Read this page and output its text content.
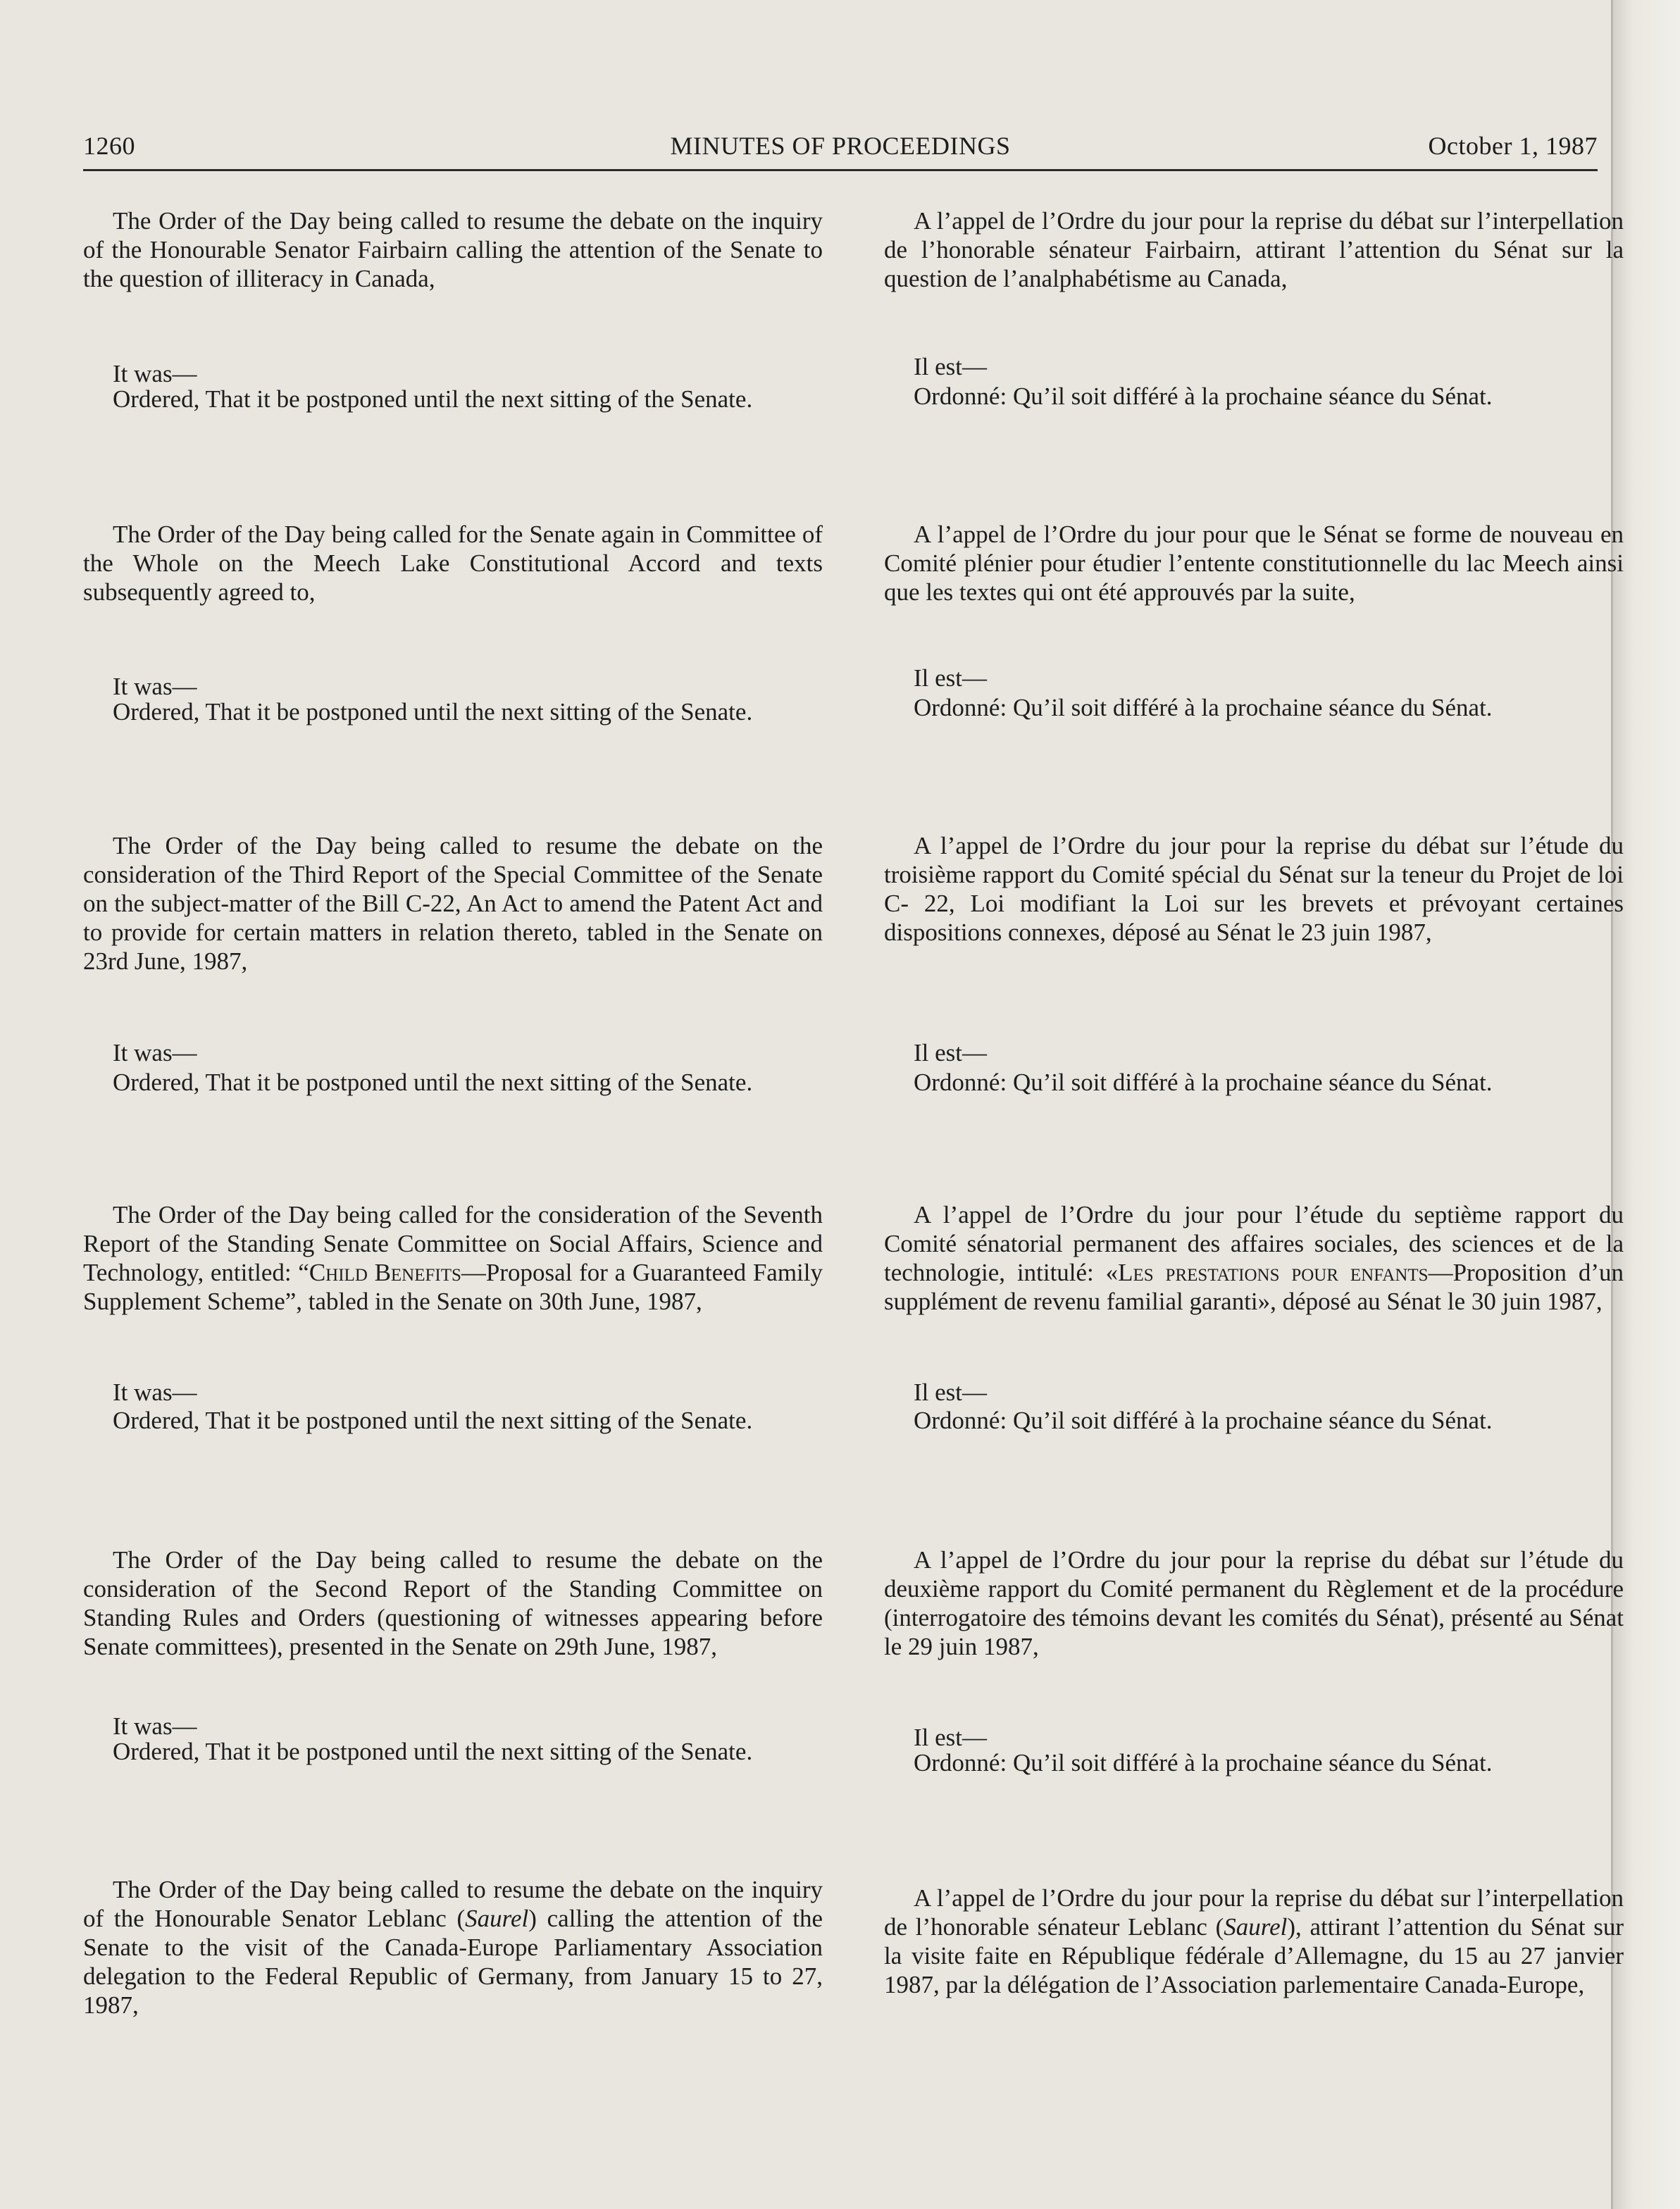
1260	MINUTES OF PROCEEDINGS	October 1, 1987

The Order of the Day being called to resume the debate on the inquiry of the Honourable Senator Fairbairn calling the attention of the Senate to the question of illiteracy in Canada,

It was—

Ordered, That it be postponed until the next sitting of the Senate.

The Order of the Day being called for the Senate again in Committee of the Whole on the Meech Lake Constitutional Accord and texts subsequently agreed to,

It was—

Ordered, That it be postponed until the next sitting of the Senate.

The Order of the Day being called to resume the debate on the consideration of the Third Report of the Special Committee of the Senate on the subject-matter of the Bill C-22, An Act to amend the Patent Act and to provide for certain matters in relation thereto, tabled in the Senate on 23rd June, 1987,

It was—

Ordered, That it be postponed until the next sitting of the Senate.

The Order of the Day being called for the consideration of the Seventh Report of the Standing Senate Committee on Social Affairs, Science and Technology, entitled: “Child Benefits—Proposal for a Guaranteed Family Supplement Scheme”, tabled in the Senate on 30th June, 1987,

It was—

Ordered, That it be postponed until the next sitting of the Senate.

The Order of the Day being called to resume the debate on the consideration of the Second Report of the Standing Committee on Standing Rules and Orders (questioning of witnesses appearing before Senate committees), presented in the Senate on 29th June, 1987,

It was—

Ordered, That it be postponed until the next sitting of the Senate.

The Order of the Day being called to resume the debate on the inquiry of the Honourable Senator Leblanc (Saurel) calling the attention of the Senate to the visit of the Canada-Europe Parliamentary Association delegation to the Federal Republic of Germany, from January 15 to 27, 1987,

A l’appel de l’Ordre du jour pour la reprise du débat sur l’interpellation de l’honorable sénateur Fairbairn, attirant l’attention du Sénat sur la question de l’analphabétisme au Canada,

Il est—

Ordonné: Qu’il soit différé à la prochaine séance du Sénat.

A l’appel de l’Ordre du jour pour que le Sénat se forme de nouveau en Comité plénier pour étudier l’entente constitutionnelle du lac Meech ainsi que les textes qui ont été approuvés par la suite,

Il est—

Ordonné: Qu’il soit différé à la prochaine séance du Sénat.

A l’appel de l’Ordre du jour pour la reprise du débat sur l’étude du troisième rapport du Comité spécial du Sénat sur la teneur du Projet de loi C- 22, Loi modifiant la Loi sur les brevets et prévoyant certaines dispositions connexes, déposé au Sénat le 23 juin 1987,

Il est—

Ordonné: Qu’il soit différé à la prochaine séance du Sénat.

A l’appel de l’Ordre du jour pour l’étude du septième rapport du Comité sénatorial permanent des affaires sociales, des sciences et de la technologie, intitulé: «Les prestations pour enfants—Proposition d’un supplément de revenu familial garanti», déposé au Sénat le 30 juin 1987,

Il est—

Ordonné: Qu’il soit différé à la prochaine séance du Sénat.

A l’appel de l’Ordre du jour pour la reprise du débat sur l’étude du deuxième rapport du Comité permanent du Règlement et de la procédure (interrogatoire des témoins devant les comités du Sénat), présenté au Sénat le 29 juin 1987,

Il est—

Ordonné: Qu’il soit différé à la prochaine séance du Sénat.

A l’appel de l’Ordre du jour pour la reprise du débat sur l’interpellation de l’honorable sénateur Leblanc (Saurel), attirant l’attention du Sénat sur la visite faite en République fédérale d’Allemagne, du 15 au 27 janvier 1987, par la délégation de l’Association parlementaire Canada-Europe,
